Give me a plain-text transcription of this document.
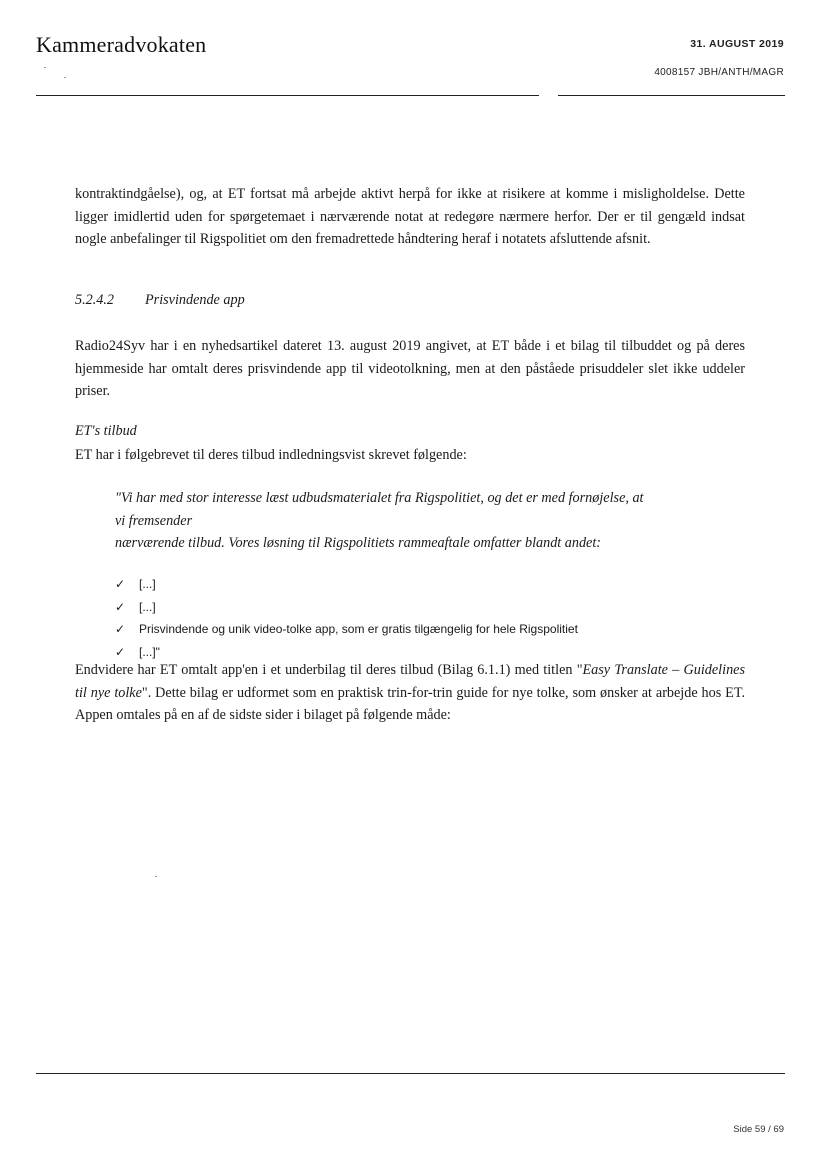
Kammeradvokaten	31. AUGUST 2019
4008157 JBH/ANTH/MAGR
kontraktindgåelse), og, at ET fortsat må arbejde aktivt herpå for ikke at risikere at komme i misligholdelse. Dette ligger imidlertid uden for spørgetemaet i nærværende notat at redegøre nærmere herfor. Der er til gengæld indsat nogle anbefalinger til Rigspolitiet om den fremadrettede håndtering heraf i notatets afsluttende afsnit.
5.2.4.2 Prisvindende app
Radio24Syv har i en nyhedsartikel dateret 13. august 2019 angivet, at ET både i et bilag til tilbuddet og på deres hjemmeside har omtalt deres prisvindende app til videotolkning, men at den påståede prisuddeler slet ikke uddeler priser.
ET's tilbud
ET har i følgebrevet til deres tilbud indledningsvist skrevet følgende:
"Vi har med stor interesse læst udbudsmaterialet fra Rigspolitiet, og det er med fornøjelse, at
vi fremsender
nærværende tilbud. Vores løsning til Rigspolitiets rammeaftale omfatter blandt andet:
✓	[...]
✓	[...]
✓	Prisvindende og unik video-tolke app, som er gratis tilgængelig for hele Rigspolitiet
✓	[...]"
Endvidere har ET omtalt app'en i et underbilag til deres tilbud (Bilag 6.1.1) med titlen "Easy Translate – Guidelines til nye tolke". Dette bilag er udformet som en praktisk trin-for-trin guide for nye tolke, som ønsker at arbejde hos ET. Appen omtales på en af de sidste sider i bilaget på følgende måde:
Side 59 / 69
